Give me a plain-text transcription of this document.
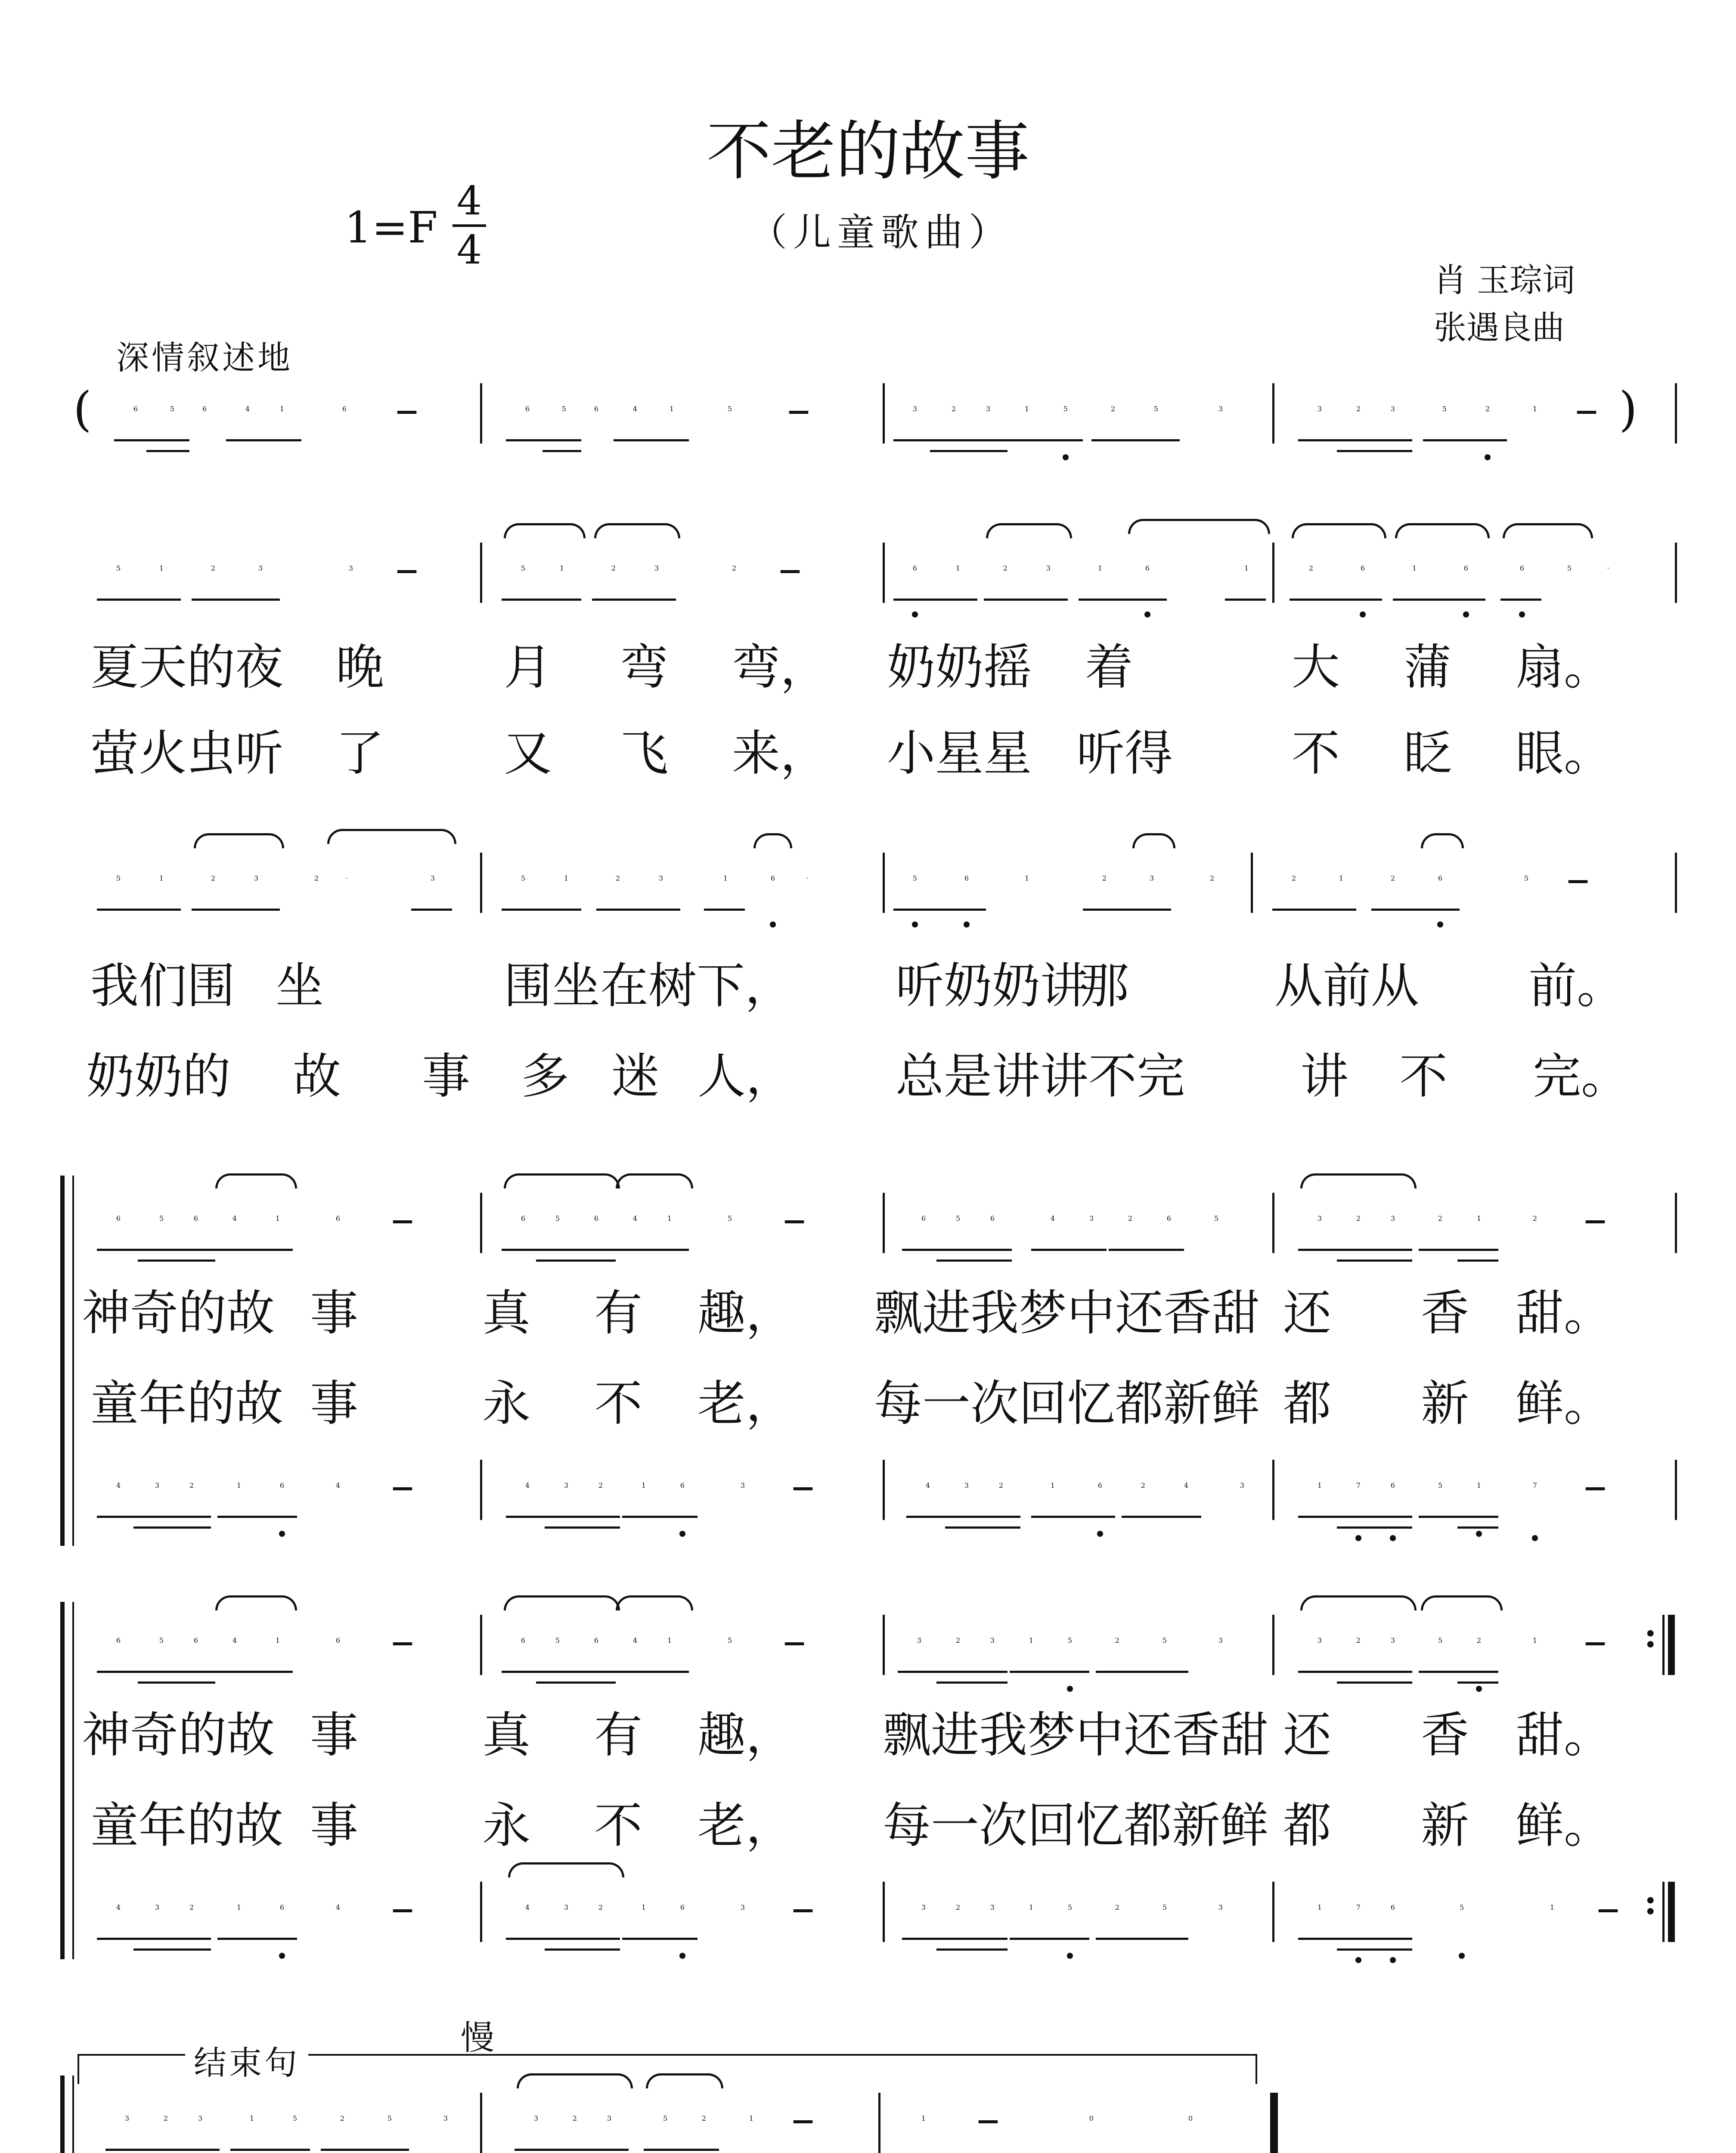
不老的故事
1=F
4
4	（儿童歌曲）
肖 玉琮词
张遇良曲
深情叙述地
慢
结束句
(	6	5	6	4	1	6	–	6	5	6	4	1	5	–	3	2	3	1	5	2	5	3	3	2	3	5	2	1 – )
5	1	2	3	3 –	5	1	2	3	2 –	6	1	2	3	1	6	1	2	6	1	6	6	5	·
夏天的夜 晚 月 弯 弯， 奶奶摇 着	大 蒲 扇。
萤火虫听 了 又 飞 来， 小星星 听得 不 眨 眼。
5	1	2	3	2	·	3	5	1	2	3	1	6	·	5	6	1	2	3	2	2	1	2	6	5 –
我们围 坐	围坐在树下， 听奶奶讲
那	从前从 前。
奶奶的 故 事 多 迷 人， 总是讲讲不完 讲 不 完。
6	5	6	4	1	6	–	6	5	6	4	1	5	–	6	5	6	4	3	2	6	5	3	2	3	2	1	2 –
神奇的故 事	真 有 趣， 飘进我梦中还香甜 还 香 甜。
童年的故 事	永 不 老， 每一次回忆都新鲜 都 新 鲜。
4	3	2	1	6	4	–	4	3	2	1	6	3 –	4	3	2	1	6	2	4	3	1	7	6	5	1	7 –
6	5	6	4	1	6	–	6	5	6	4	1	5	–	3	2	3	1	5	2	5	3	3	2	3	5	2	1 – :
神奇的故 事	真 有 趣， 飘进我梦中还香甜 还 香 甜。
童年的故 事	永 不 老， 每一次回忆都新鲜 都 新 鲜。
4	3	2	1	6	4	–	4	3	2	1	6	3 –	3	2	3	1	5	2	5	3	1	7	6	5	1 – :
3	2	3	1	5	2	5	3	3	2	3	5	2	1 –	1	–	0	0
